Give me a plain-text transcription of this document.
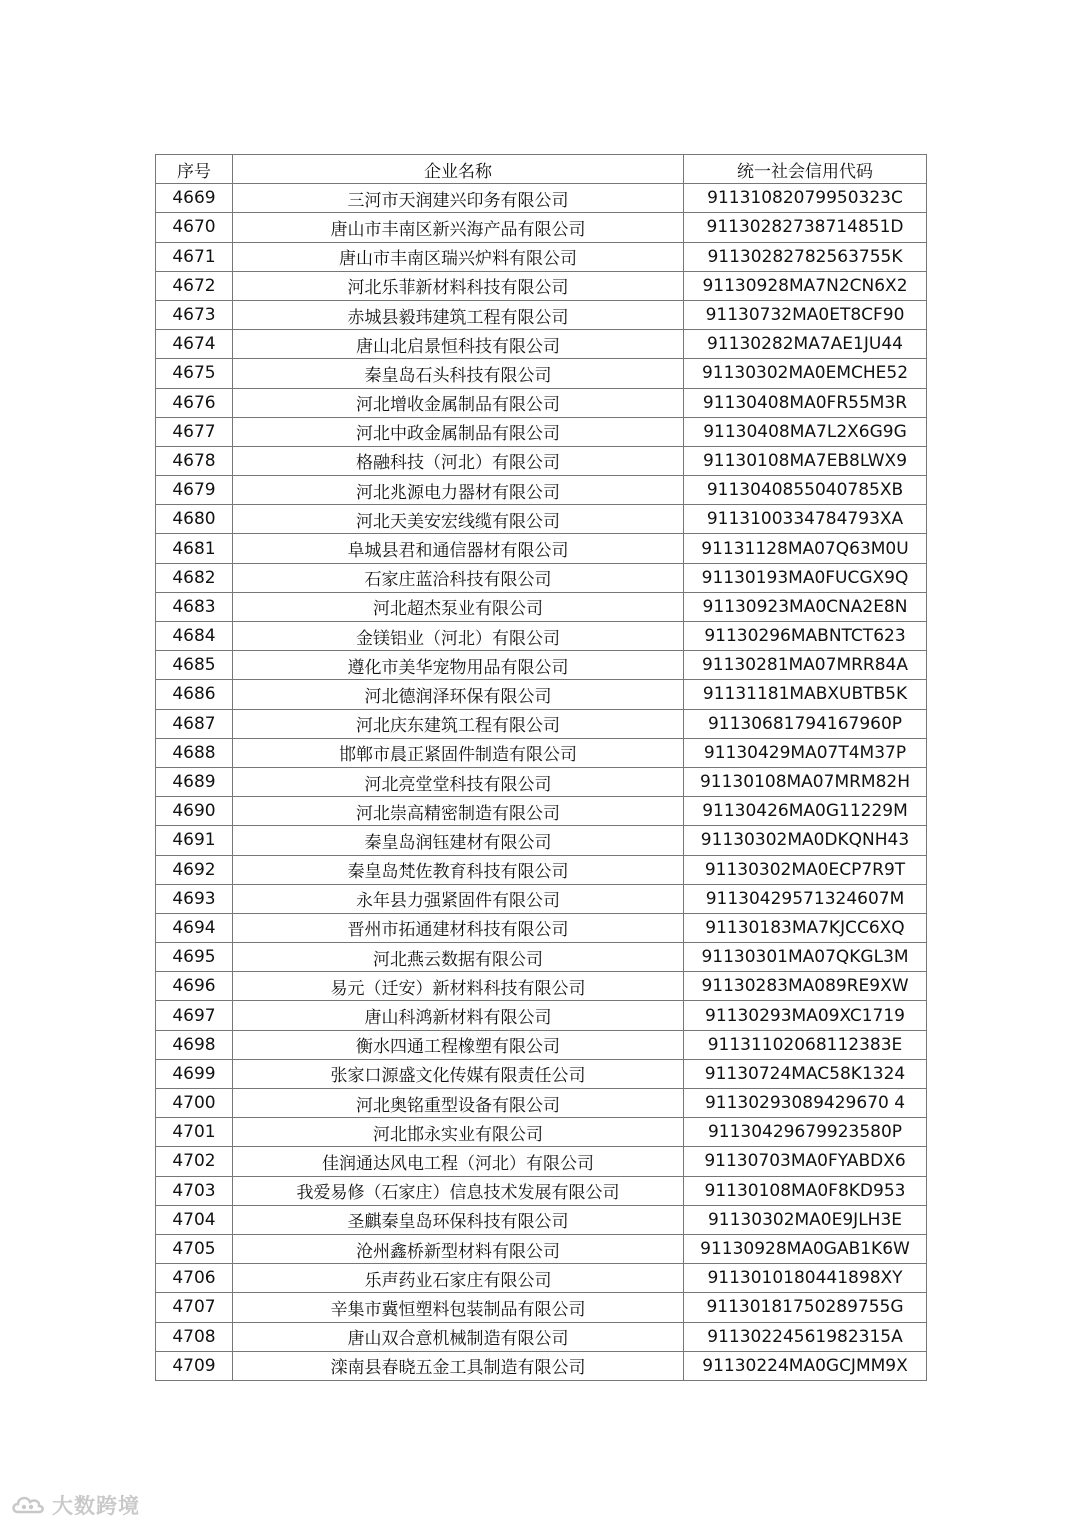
序号	企业名称	统一社会信用代码
4669	三河市天润建兴印务有限公司	91131082079950323C
4670	唐山市丰南区新兴海产品有限公司	91130282738714851D
4671	唐山市丰南区瑞兴炉料有限公司	91130282782563755K
4672	河北乐菲新材料科技有限公司	91130928MA7N2CN6X2
4673	赤城县毅玮建筑工程有限公司	91130732MA0ET8CF90
4674	唐山北启景恒科技有限公司	91130282MA7AE1JU44
4675	秦皇岛石头科技有限公司	91130302MA0EMCHE52
4676	河北增收金属制品有限公司	91130408MA0FR55M3R
4677	河北中政金属制品有限公司	91130408MA7L2X6G9G
4678	格融科技（河北）有限公司	91130108MA7EB8LWX9
4679	河北兆源电力器材有限公司	9113040855040785XB
4680	河北天美安宏线缆有限公司	9113100334784793XA
4681	阜城县君和通信器材有限公司	91131128MA07Q63M0U
4682	石家庄蓝洽科技有限公司	91130193MA0FUCGX9Q
4683	河北超杰泵业有限公司	91130923MA0CNA2E8N
4684	金镁铝业（河北）有限公司	91130296MABNTCT623
4685	遵化市美华宠物用品有限公司	91130281MA07MRR84A
4686	河北德润泽环保有限公司	91131181MABXUBTB5K
4687	河北庆东建筑工程有限公司	91130681794167960P
4688	邯郸市晨正紧固件制造有限公司	91130429MA07T4M37P
4689	河北亮堂堂科技有限公司	91130108MA07MRM82H
4690	河北崇高精密制造有限公司	91130426MA0G11229M
4691	秦皇岛润钰建材有限公司	91130302MA0DKQNH43
4692	秦皇岛梵佐教育科技有限公司	91130302MA0ECP7R9T
4693	永年县力强紧固件有限公司	91130429571324607M
4694	晋州市拓通建材科技有限公司	91130183MA7KJCC6XQ
4695	河北燕云数据有限公司	91130301MA07QKGL3M
4696	易元（迁安）新材料科技有限公司	91130283MA089RE9XW
4697	唐山科鸿新材料有限公司	91130293MA09XC1719
4698	衡水四通工程橡塑有限公司	91131102068112383E
4699	张家口源盛文化传媒有限责任公司	91130724MAC58K1324
4700	河北奥铭重型设备有限公司	91130293089429670 4
4701	河北邯永实业有限公司	91130429679923580P
4702	佳润通达风电工程（河北）有限公司	91130703MA0FYABDX6
4703	我爱易修（石家庄）信息技术发展有限公司	91130108MA0F8KD953
4704	圣麒秦皇岛环保科技有限公司	91130302MA0E9JLH3E
4705	沧州鑫桥新型材料有限公司	91130928MA0GAB1K6W
4706	乐声药业石家庄有限公司	9113010180441898XY
4707	辛集市冀恒塑料包装制品有限公司	91130181750289755G
4708	唐山双合意机械制造有限公司	91130224561982315A
4709	滦南县春晓五金工具制造有限公司	91130224MA0GCJMM9X
大数跨境
